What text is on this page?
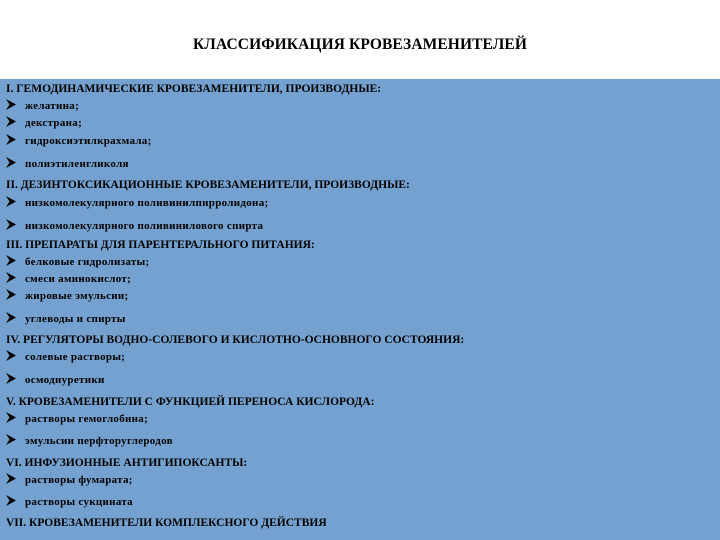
КЛАССИФИКАЦИЯ КРОВЕЗАМЕНИТЕЛЕЙ
I. ГЕМОДИНАМИЧЕСКИЕ КРОВЕЗАМЕНИТЕЛИ, ПРОИЗВОДНЫЕ:
желатина;
декстрана;
гидроксиэтилкрахмала;
полиэтиленгликоля
II. ДЕЗИНТОКСИКАЦИОННЫЕ КРОВЕЗАМЕНИТЕЛИ, ПРОИЗВОДНЫЕ:
низкомолекулярного поливинилпирролидона;
низкомолекулярного поливинилового спирта
III. ПРЕПАРАТЫ ДЛЯ ПАРЕНТЕРАЛЬНОГО ПИТАНИЯ:
белковые гидролизаты;
смеси аминокислот;
жировые эмульсии;
углеводы и спирты
IV. РЕГУЛЯТОРЫ ВОДНО-СОЛЕВОГО И КИСЛОТНО-ОСНОВНОГО СОСТОЯНИЯ:
солевые растворы;
осмодиуретики
V. КРОВЕЗАМЕНИТЕЛИ С ФУНКЦИЕЙ ПЕРЕНОСА КИСЛОРОДА:
растворы гемоглобина;
эмульсии перфторуглеродов
VI. ИНФУЗИОННЫЕ АНТИГИПОКСАНТЫ:
растворы фумарата;
растворы сукцината
VII. КРОВЕЗАМЕНИТЕЛИ КОМПЛЕКСНОГО ДЕЙСТВИЯ
